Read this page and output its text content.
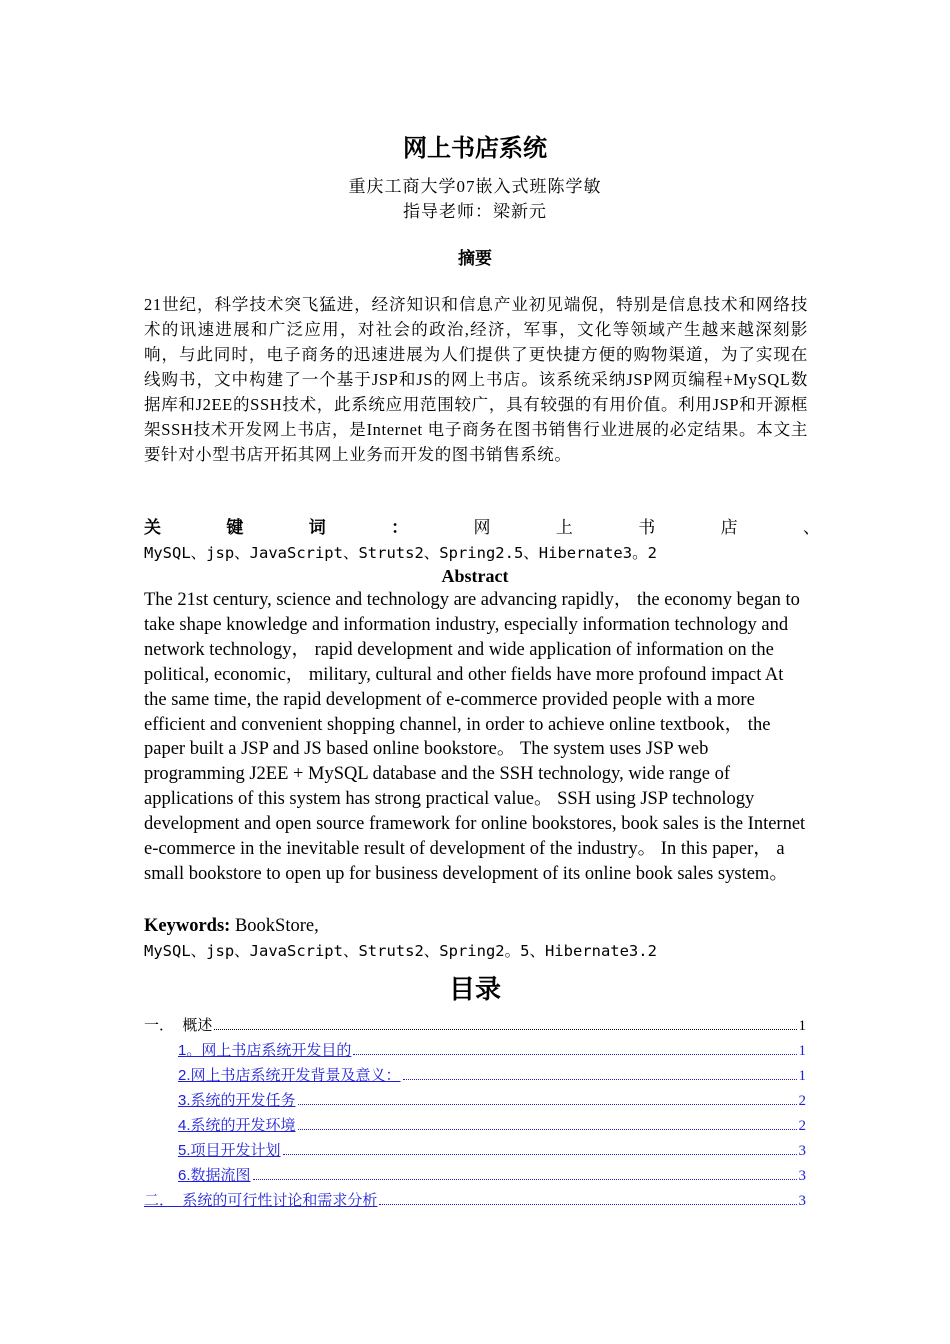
网上书店系统
重庆工商大学07嵌入式班陈学敏
指导老师：梁新元
摘要

21世纪，科学技术突飞猛进，经济知识和信息产业初见端倪，特别是信息技术和网络技术的讯速进展和广泛应用，对社会的政治,经济，军事，文化等领域产生越来越深刻影响，与此同时，电子商务的迅速进展为人们提供了更快捷方便的购物渠道，为了实现在线购书，文中构建了一个基于JSP和JS的网上书店。该系统采纳JSP网页编程+MySQL数据库和J2EE的SSH技术，此系统应用范围较广，具有较强的有用价值。利用JSP和开源框架SSH技术开发网上书店，是Internet 电子商务在图书销售行业进展的必定结果。本文主要针对小型书店开拓其网上业务而开发的图书销售系统。

关	键	词	：	网	上	书	店	、
MySQL、jsp、JavaScript、Struts2、Spring2.5、Hibernate3。2
Abstract

The 21st century, science and technology are advancing rapidly， the economy began to take shape knowledge and information industry, especially information technology and network technology， rapid development and wide application of information on the political, economic， military, cultural and other fields have more profound impact At the same time, the rapid development of e-commerce provided people with a more efficient and convenient shopping channel, in order to achieve online textbook， the paper built a JSP and JS based online bookstore。 The system uses JSP web programming J2EE + MySQL database and the SSH technology, wide range of applications of this system has strong practical value。 SSH using JSP technology development and open source framework for online bookstores, book sales is the Internet e-commerce in the inevitable result of development of the industry。 In this paper， a small bookstore to open up for business development of its online book sales system。

Keywords: BookStore,
MySQL、jsp、JavaScript、Struts2、Spring2。5、Hibernate3.2
目录
一． 概述	1
1 。网上书店系统开发目的	1
2. 网上书店系统开发背景及意义：	1
3. 系统的开发任务	2
4. 系统的开发环境	2
5. 项目开发计划	3
6. 数据流图	3
二． 系统的可行性讨论和需求分析	3
